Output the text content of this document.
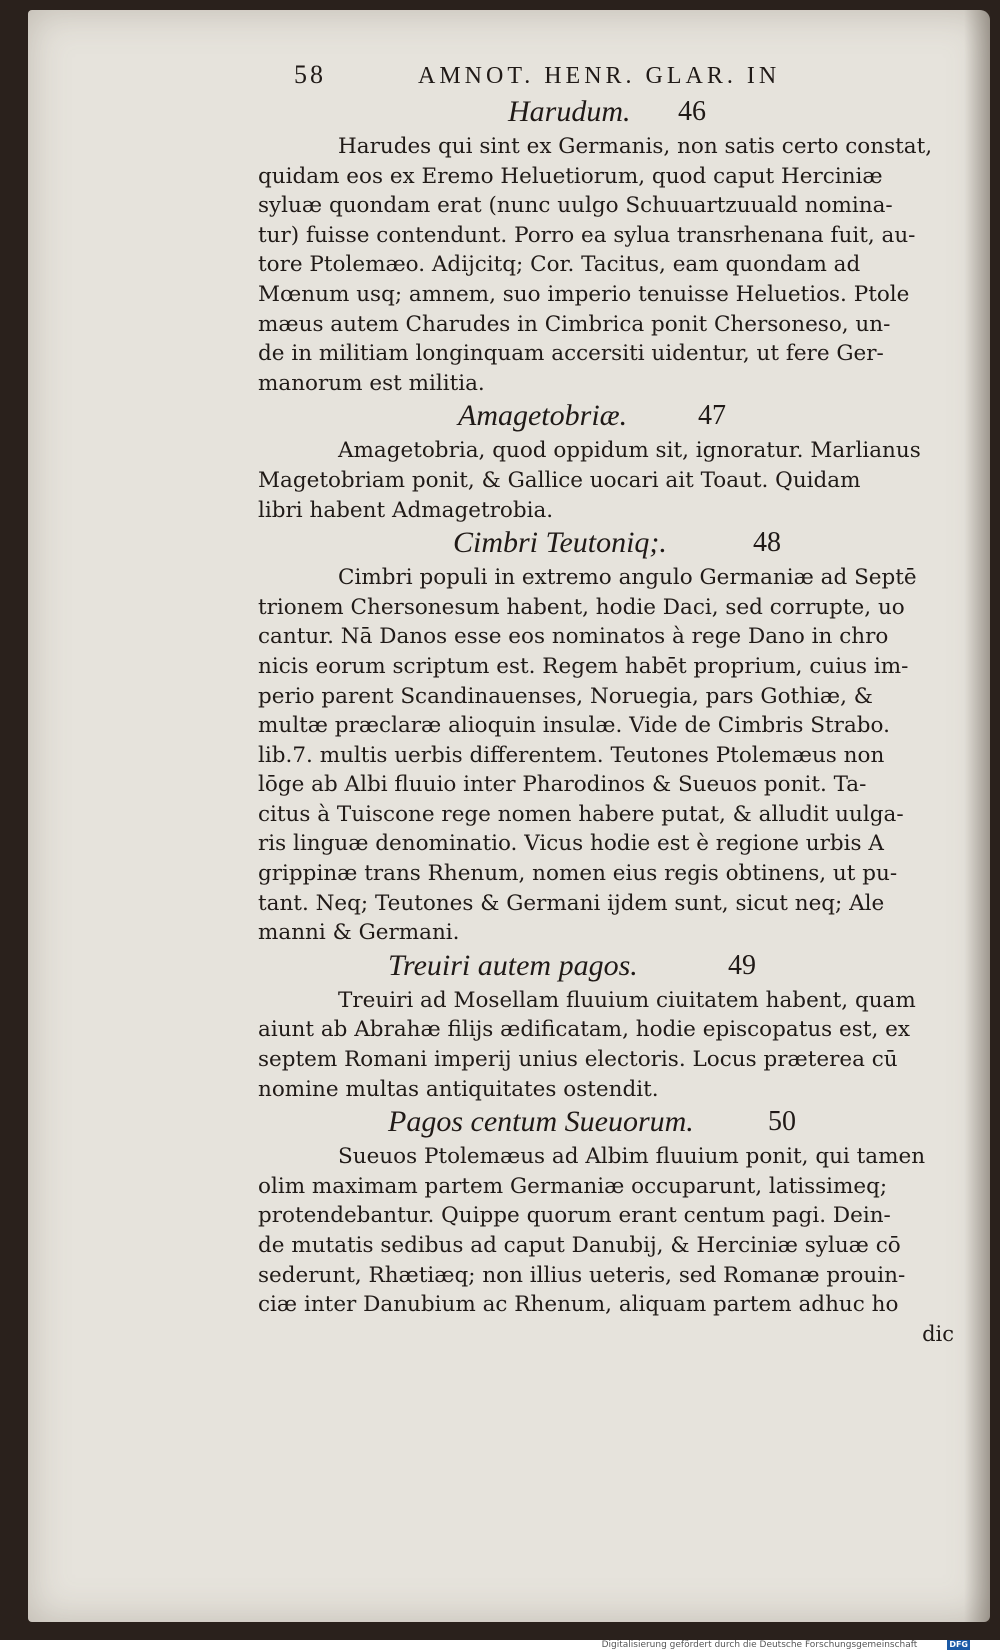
58	AMNOT. HENR. GLAR. IN
Harudum. 46

Harudes qui sint ex Germanis, non satis certo constat,

quidam eos ex Eremo Heluetiorum, quod caput Herciniæ

syluæ quondam erat (nunc uulgo Schuuartzuuald nomina-

tur) fuisse contendunt. Porro ea sylua transrhenana fuit, au-

tore Ptolemæo. Adijcitq; Cor. Tacitus, eam quondam ad

Mœnum usq; amnem, suo imperio tenuisse Heluetios. Ptole

mæus autem Charudes in Cimbrica ponit Chersoneso, un-

de in militiam longinquam accersiti uidentur, ut fere Ger-

manorum est militia.

Amagetobriæ.	47

Amagetobria, quod oppidum sit, ignoratur. Marlianus

Magetobriam ponit, & Gallice uocari ait Toaut. Quidam

libri habent Admagetrobia.

Cimbri Teutoniq;.	48

Cimbri populi in extremo angulo Germaniæ ad Septē

trionem Chersonesum habent, hodie Daci, sed corrupte, uo

cantur. Nā Danos esse eos nominatos à rege Dano in chro

nicis eorum scriptum est. Regem habēt proprium, cuius im-

perio parent Scandinauenses, Noruegia, pars Gothiæ, &

multæ præclaræ alioquin insulæ. Vide de Cimbris Strabo.

lib.7. multis uerbis differentem. Teutones Ptolemæus non

lōge ab Albi fluuio inter Pharodinos & Sueuos ponit. Ta-

citus à Tuiscone rege nomen habere putat, & alludit uulga-

ris linguæ denominatio. Vicus hodie est è regione urbis A

grippinæ trans Rhenum, nomen eius regis obtinens, ut pu-

tant. Neq; Teutones & Germani ijdem sunt, sicut neq; Ale

manni & Germani.

Treuiri autem pagos.	49

Treuiri ad Mosellam fluuium ciuitatem habent, quam

aiunt ab Abrahæ filijs ædificatam, hodie episcopatus est, ex

septem Romani imperij unius electoris. Locus præterea cū

nomine multas antiquitates ostendit.

Pagos centum Sueuorum.	50

Sueuos Ptolemæus ad Albim fluuium ponit, qui tamen

olim maximam partem Germaniæ occuparunt, latissimeq;

protendebantur. Quippe quorum erant centum pagi. Dein-

de mutatis sedibus ad caput Danubij, & Herciniæ syluæ cō

sederunt, Rhætiæq; non illius ueteris, sed Romanæ prouin-

ciæ inter Danubium ac Rhenum, aliquam partem adhuc ho

dic
Digitalisierung gefördert durch die Deutsche Forschungsgemeinschaft	DFG
